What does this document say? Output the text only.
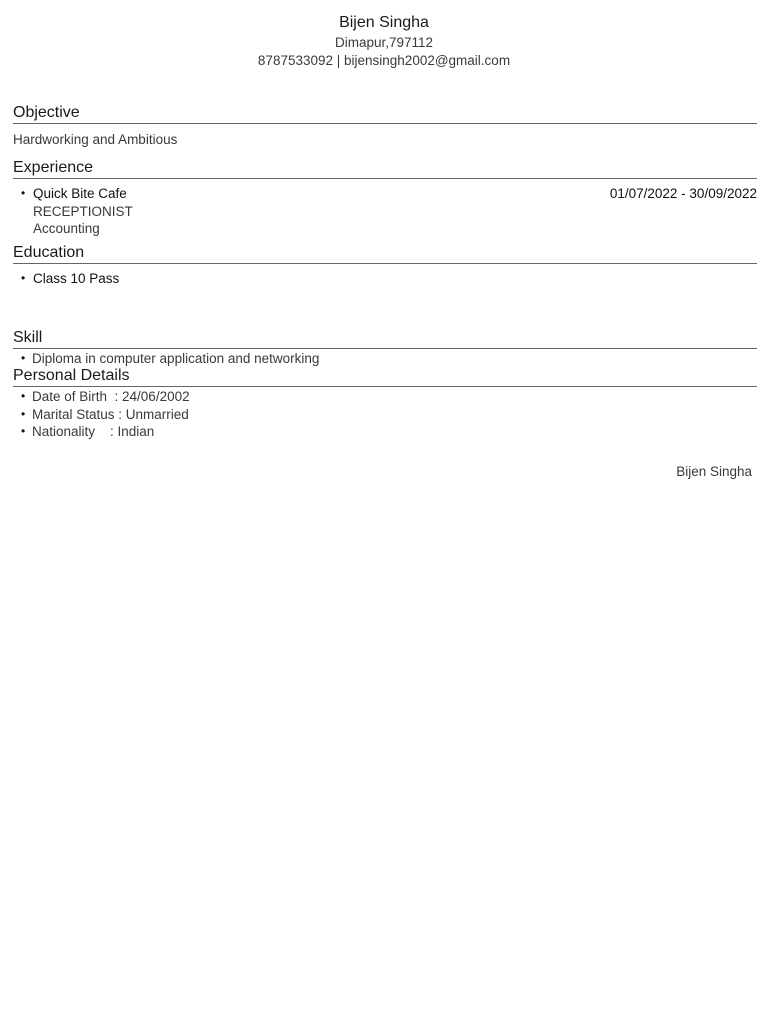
Bijen Singha
Dimapur,797112
8787533092 | bijensingh2002@gmail.com
Objective
Hardworking and Ambitious
Experience
• Quick Bite Cafe	01/07/2022 - 30/09/2022
RECEPTIONIST
Accounting
Education
• Class 10 Pass
Skill
• Diploma in computer application and networking
Personal Details
• Date of Birth  : 24/06/2002
• Marital Status : Unmarried
• Nationality    : Indian
Bijen Singha
